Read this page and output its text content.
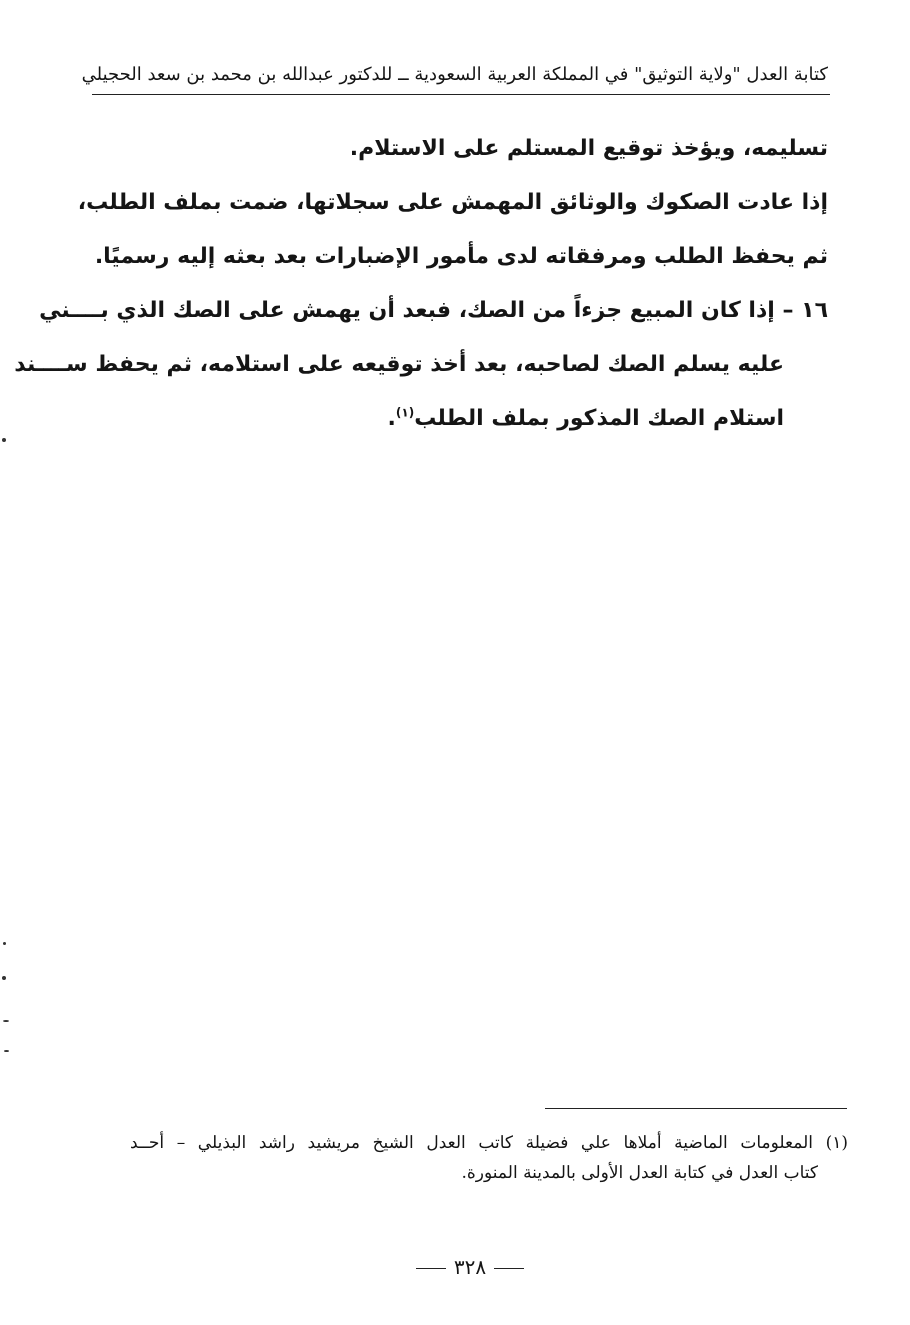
كتابة العدل "ولاية التوثيق" في المملكة العربية السعودية ــ للدكتور عبدالله بن محمد بن سعد الحجيلي
تسليمه، ويؤخذ توقيع المستلم على الاستلام.
إذا عادت الصكوك والوثائق المهمش على سجلاتها، ضمت بملف الطلب،
ثم يحفظ الطلب ومرفقاته لدى مأمور الإضبارات بعد بعثه إليه رسميًا.
١٦ – إذا كان المبيع جزءاً من الصك، فبعد أن يهمش على الصك الذي بــــني
عليه يسلم الصك لصاحبه، بعد أخذ توقيعه على استلامه، ثم يحفظ ســــند
استلام الصك المذكور بملف الطلب$^{(١)}$.
(١) المعلومات الماضية أملاها علي فضيلة كاتب العدل الشيخ مريشيد راشد البذيلي – أحــد
كتاب العدل في كتابة العدل الأولى بالمدينة المنورة.
٣٢٨
